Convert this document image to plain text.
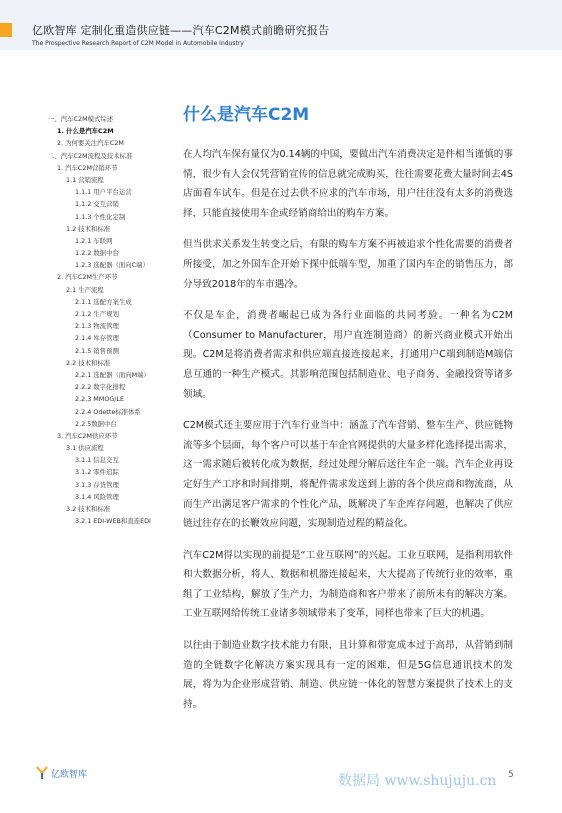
亿欧智库 定制化重造供应链——汽车C2M模式前瞻研究报告
The Prospective Research Report of C2M Model in Automobile Industry
一、汽车C2M模式综述
1. 什么是汽车C2M
2. 为何要关注汽车C2M
二、汽车C2M流程及技术标准
1. 汽车C2M营销环节
1.1 营销流程
1.1.1 用户平台运营
1.1.2 交互营销
1.1.3 个性化定制
1.2 技术和标准
1.2.1 车联网
1.2.2 数据中台
1.2.3 选配器（面向C端）
2. 汽车C2M生产环节
2.1 生产流程
2.1.1 选配方案生成
2.1.2 生产规划
2.1.3 物流管理
2.1.4 库存管理
2.1.5 销售预测
2.2 技术和标准
2.2.1 选配器（面向M端）
2.2.2 数字化排程
2.2.3 MMOG/LE
2.2.4 Odette标准体系
2.2.5数据中台
3. 汽车C2M供应环节
3.1 供应流程
3.1.1 信息交互
3.1.2 零件追踪
3.1.3 存货管理
3.1.4 风险管理
3.2 技术和标准
3.2.1 EDI-WEB和直连EDI
什么是汽车C2M

在人均汽车保有量仅为0.14辆的中国，要做出汽车消费决定是件相当谨慎的事情，很少有人会仅凭营销宣传的信息就完成购买，往往需要花费大量时间去4S店面看车试车。但是在过去供不应求的汽车市场，用户往往没有太多的消费选择，只能直接使用车企或经销商给出的购车方案。

但当供求关系发生转变之后，有限的购车方案不再被追求个性化需要的消费者所接受，加之外国车企开始下探中低端车型，加重了国内车企的销售压力，部分导致2018年的车市遇冷。

不仅是车企，消费者崛起已成为各行业面临的共同考验。一种名为C2M（Consumer to Manufacturer，用户直连制造商）的新兴商业模式开始出现。C2M是将消费者需求和供应端直接连接起来，打通用户C端到制造M端信息互通的一种生产模式。其影响范围包括制造业、电子商务、金融投资等诸多领域。

C2M模式还主要应用于汽车行业当中：涵盖了汽车营销、整车生产、供应链物流等多个层面，每个客户可以基于车企官网提供的大量多样化选择提出需求，这一需求随后被转化成为数据，经过处理分解后送往车企一端。汽车企业再设定好生产工序和时间排期，将配件需求发送到上游的各个供应商和物流商，从而生产出满足客户需求的个性化产品，既解决了车企库存问题，也解决了供应链过往存在的长鞭效应问题，实现制造过程的精益化。

汽车C2M得以实现的前提是“工业互联网”的兴起。工业互联网，是指利用软件和大数据分析，将人、数据和机器连接起来，大大提高了传统行业的效率，重组了工业结构，解放了生产力，为制造商和客户带来了前所未有的解决方案。工业互联网给传统工业诸多领域带来了变革，同样也带来了巨大的机遇。

以往由于制造业数字技术能力有限，且计算和带宽成本过于高昂，从营销到制造的全链数字化解决方案实现具有一定的困难，但是5G信息通讯技术的发展，将为为企业形成营销、制造、供应链一体化的智慧方案提供了技术上的支持。

亿欧智库	数据局 www.shujuju.cn 5
